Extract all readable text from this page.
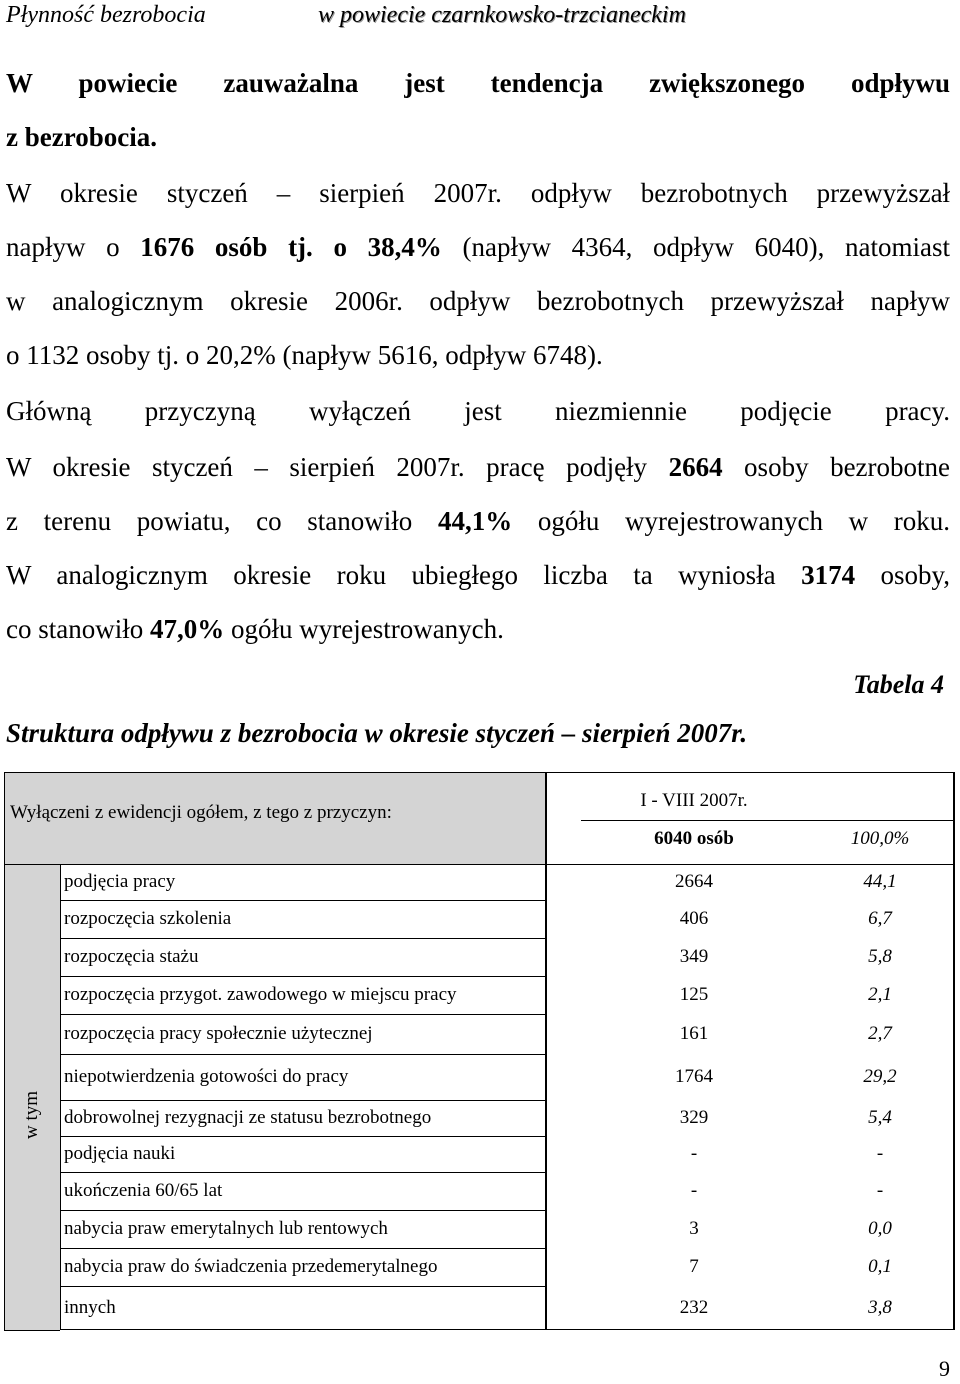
Płynność bezrobocia	w powiecie czarnkowsko-trzcianeckim
W powiecie zauważalna jest tendencja zwiększonego odpływu
z bezrobocia.
W okresie styczeń – sierpień 2007r. odpływ bezrobotnych przewyższał
napływ o 1676 osób tj. o 38,4% (napływ 4364, odpływ 6040), natomiast
w analogicznym okresie 2006r. odpływ bezrobotnych przewyższał napływ
o 1132 osoby tj. o 20,2% (napływ 5616, odpływ 6748).
Główną przyczyną wyłączeń jest niezmiennie podjęcie pracy.
W okresie styczeń – sierpień 2007r. pracę podjęły 2664 osoby bezrobotne
z terenu powiatu, co stanowiło 44,1% ogółu wyrejestrowanych w roku.
W analogicznym okresie roku ubiegłego liczba ta wyniosła 3174 osoby,
co stanowiło 47,0% ogółu wyrejestrowanych.
Tabela 4
Struktura odpływu z bezrobocia w okresie styczeń – sierpień 2007r.
Wyłączeni z ewidencji ogółem, z tego z przyczyn:
I - VIII 2007r.
6040 osób	100,0%
w tym
podjęcia pracy	2664	44,1
rozpoczęcia szkolenia	406	6,7
rozpoczęcia stażu	349	5,8
rozpoczęcia przygot. zawodowego w miejscu pracy	125	2,1
rozpoczęcia pracy społecznie użytecznej	161	2,7
niepotwierdzenia gotowości do pracy	1764	29,2
dobrowolnej rezygnacji ze statusu bezrobotnego	329	5,4
podjęcia nauki	-	-
ukończenia 60/65 lat	-	-
nabycia praw emerytalnych lub rentowych	3	0,0
nabycia praw do świadczenia przedemerytalnego	7	0,1
innych	232	3,8
9
